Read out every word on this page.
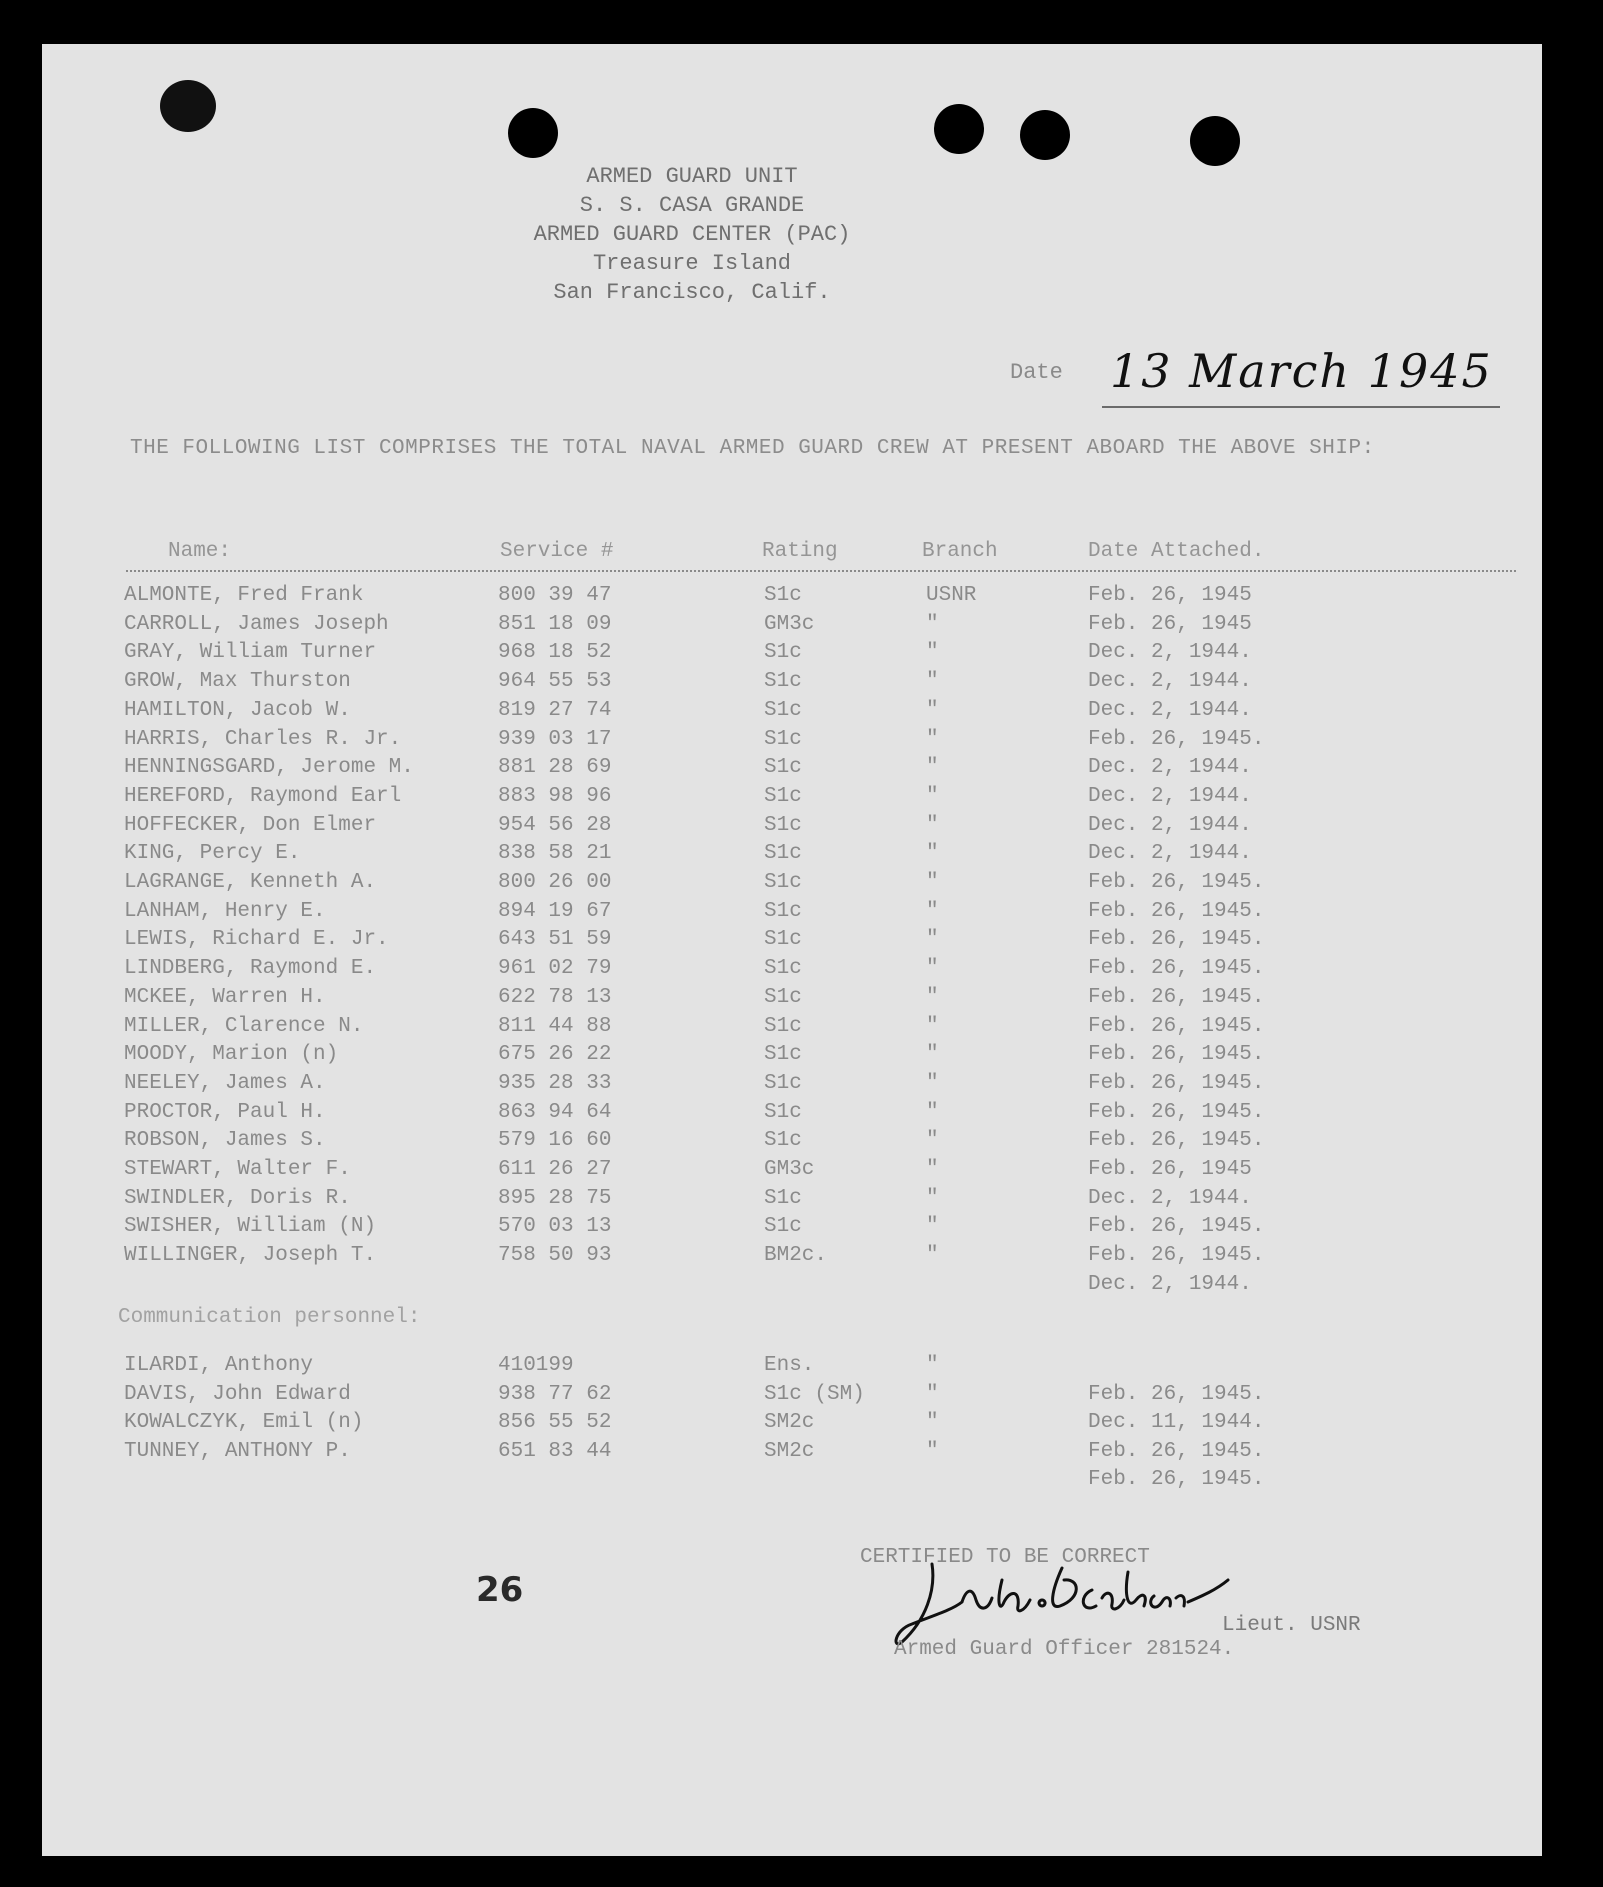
ARMED GUARD UNIT
S. S. CASA GRANDE
ARMED GUARD CENTER (PAC)
Treasure Island
San Francisco, Calif.
Date 13 March 1945
THE FOLLOWING LIST COMPRISES THE TOTAL NAVAL ARMED GUARD CREW AT PRESENT ABOARD THE ABOVE SHIP:
Name:	Service #	Rating	Branch	Date Attached.
ALMONTE, Fred Frank	800 39 47	S1c	USNR	Feb. 26, 1945
CARROLL, James Joseph	851 18 09	GM3c	"	Feb. 26, 1945
GRAY, William Turner	968 18 52	S1c	"	Dec. 2, 1944.
GROW, Max Thurston	964 55 53	S1c	"	Dec. 2, 1944.
HAMILTON, Jacob W.	819 27 74	S1c	"	Dec. 2, 1944.
HARRIS, Charles R. Jr.	939 03 17	S1c	"	Feb. 26, 1945.
HENNINGSGARD, Jerome M.	881 28 69	S1c	"	Dec. 2, 1944.
HEREFORD, Raymond Earl	883 98 96	S1c	"	Dec. 2, 1944.
HOFFECKER, Don Elmer	954 56 28	S1c	"	Dec. 2, 1944.
KING, Percy E.	838 58 21	S1c	"	Dec. 2, 1944.
LAGRANGE, Kenneth A.	800 26 00	S1c	"	Feb. 26, 1945.
LANHAM, Henry E.	894 19 67	S1c	"	Feb. 26, 1945.
LEWIS, Richard E. Jr.	643 51 59	S1c	"	Feb. 26, 1945.
LINDBERG, Raymond E.	961 02 79	S1c	"	Feb. 26, 1945.
MCKEE, Warren H.	622 78 13	S1c	"	Feb. 26, 1945.
MILLER, Clarence N.	811 44 88	S1c	"	Feb. 26, 1945.
MOODY, Marion (n)	675 26 22	S1c	"	Feb. 26, 1945.
NEELEY, James A.	935 28 33	S1c	"	Feb. 26, 1945.
PROCTOR, Paul H.	863 94 64	S1c	"	Feb. 26, 1945.
ROBSON, James S.	579 16 60	S1c	"	Feb. 26, 1945.
STEWART, Walter F.	611 26 27	GM3c	"	Feb. 26, 1945
SWINDLER, Doris R.	895 28 75	S1c	"	Dec. 2, 1944.
SWISHER, William (N)	570 03 13	S1c	"	Feb. 26, 1945.
WILLINGER, Joseph T.	758 50 93	BM2c.	"	Feb. 26, 1945.
Dec. 2, 1944.
Communication personnel:
ILARDI, Anthony	410199	Ens.	"
DAVIS, John Edward	938 77 62	S1c (SM)	"	Feb. 26, 1945.
KOWALCZYK, Emil (n)	856 55 52	SM2c	"	Dec. 11, 1944.
TUNNEY, ANTHONY P.	651 83 44	SM2c	"	Feb. 26, 1945.
Feb. 26, 1945.
CERTIFIED TO BE CORRECT
26
Lieut. USNR
Armed Guard Officer 281524.
